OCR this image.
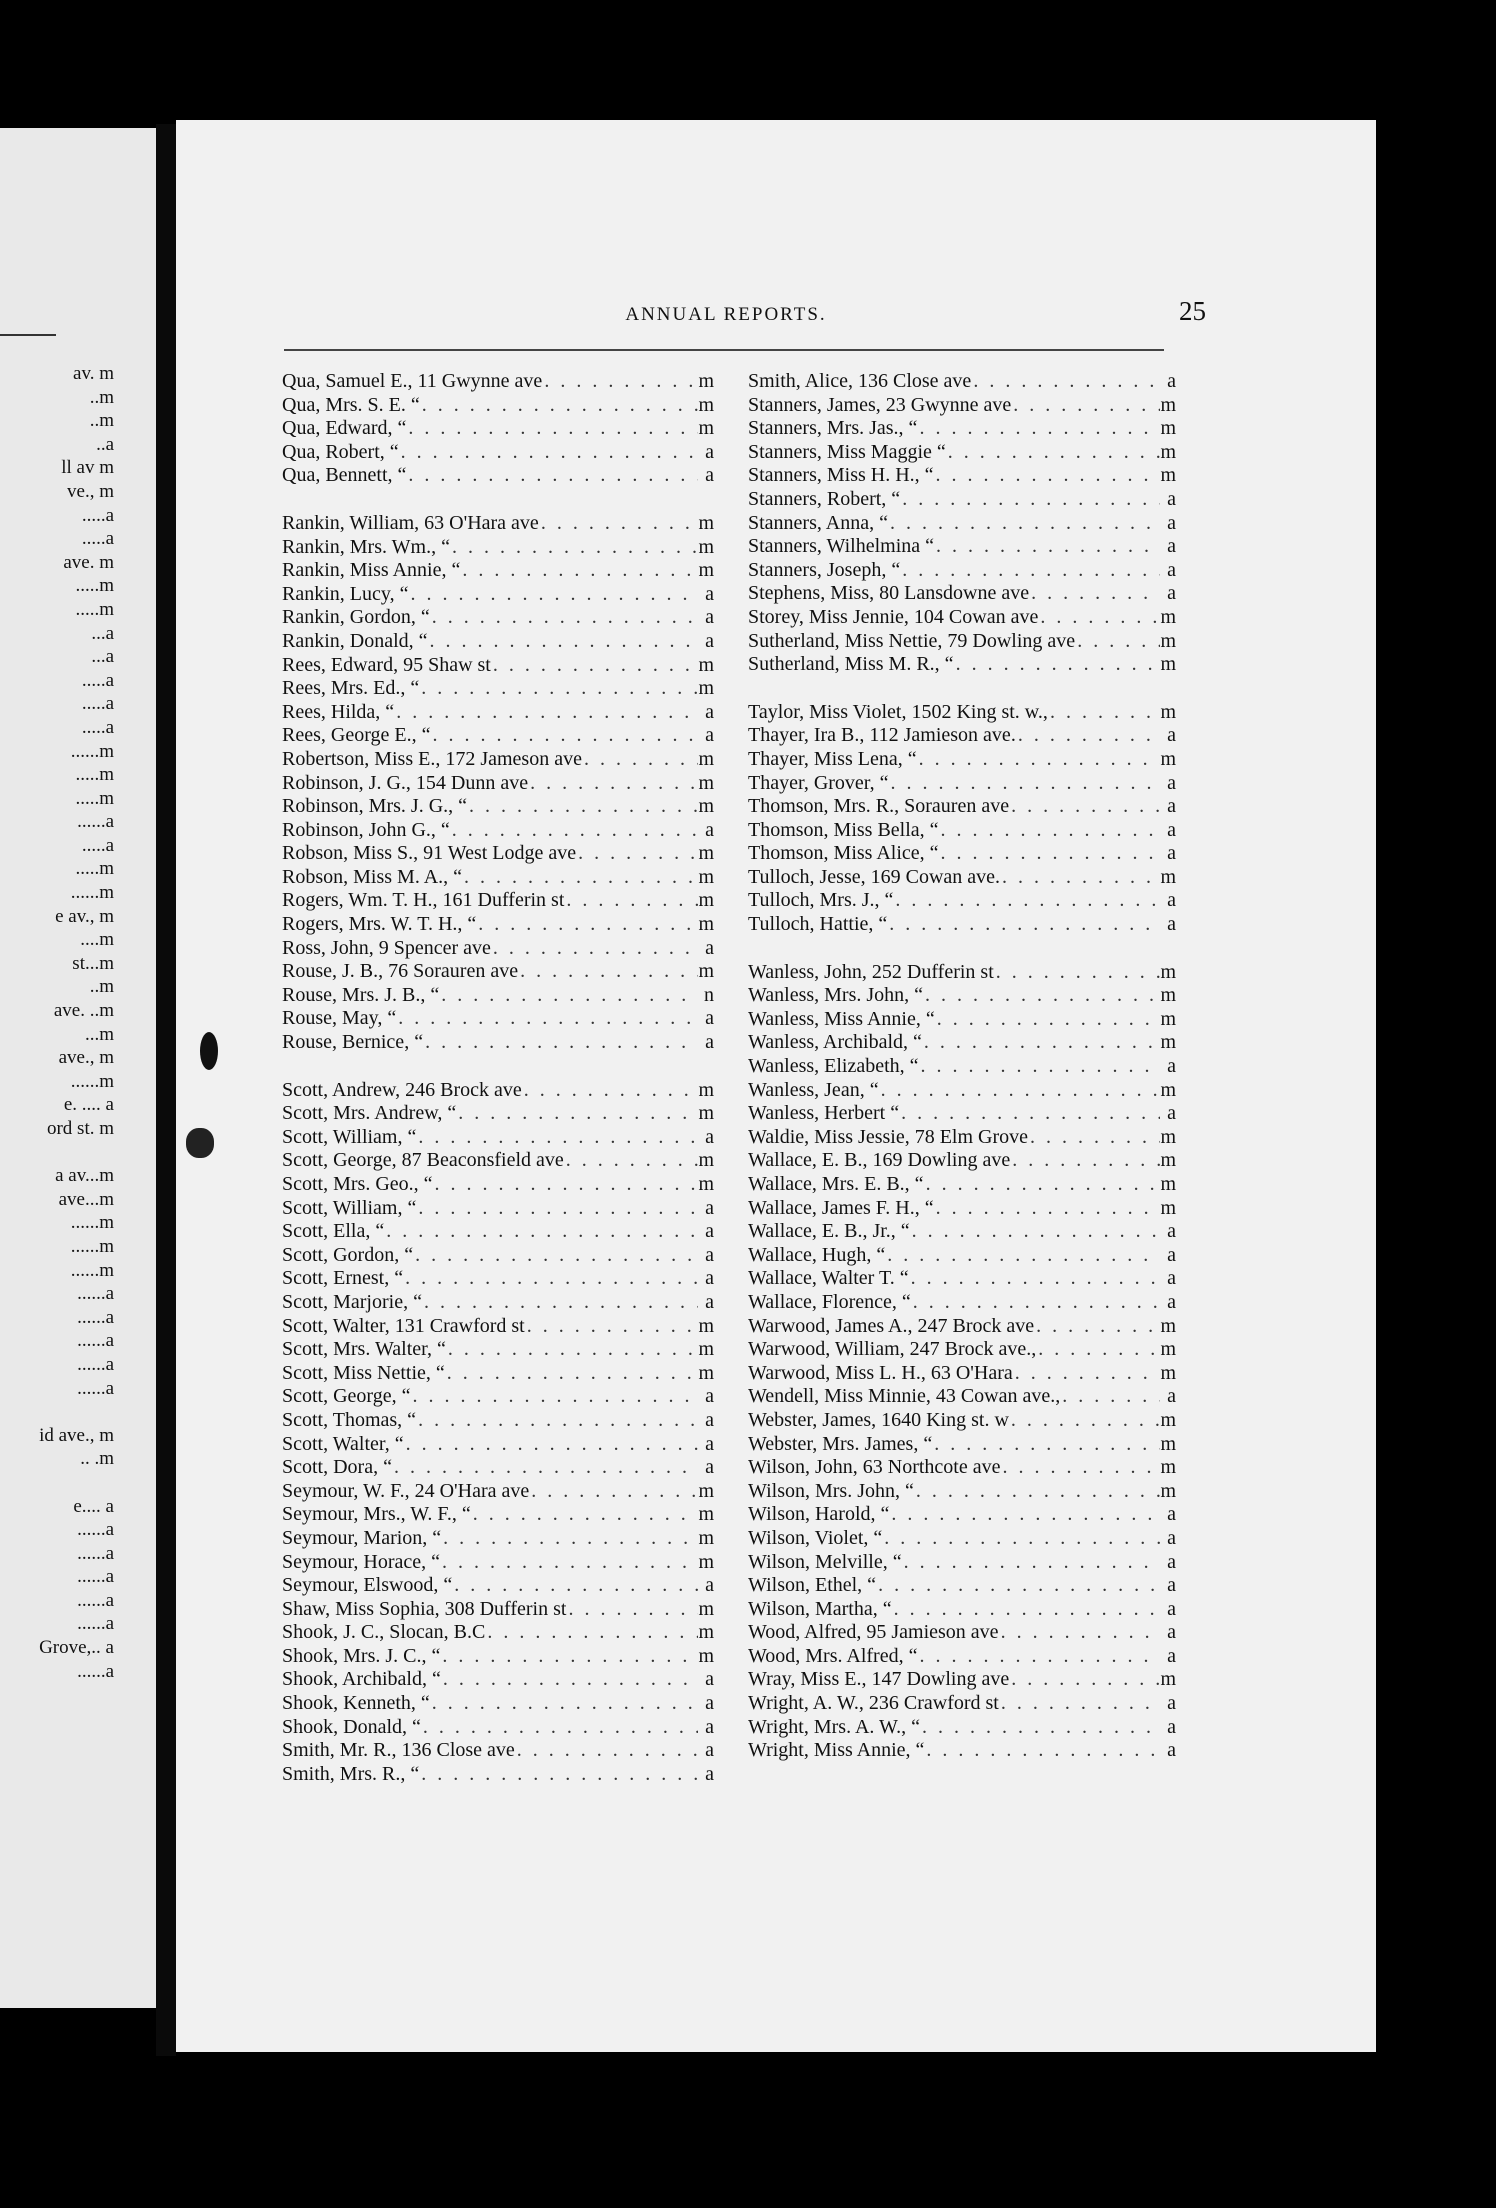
av. m
..m
..m
..a
ll av m
ve., m
.....a
.....a
ave. m
.....m
.....m
...a
...a
.....a
.....a
.....a
......m
.....m
.....m
......a
.....a
.....m
......m
e av., m
....m
st...m
..m
ave. ..m
...m
ave., m
......m
e. .... a
ord st. m
a av...m
ave...m
......m
......m
......m
......a
......a
......a
......a
......a
id ave., m
.. .m
e.... a
......a
......a
......a
......a
......a
Grove,.. a
......a
ANNUAL REPORTS.	25
Qua, Samuel E., 11 Gwynne ave . . .	m
Qua, Mrs. S. E. “ . . .	m
Qua, Edward, “ . . .	m
Qua, Robert, “ . . .	a
Qua, Bennett, “ . . .	a
Rankin, William, 63 O'Hara ave . . .	m
Rankin, Mrs. Wm., “ . . .	m
Rankin, Miss Annie, “ . . .	m
Rankin, Lucy, “ . . .	a
Rankin, Gordon, “ . . .	a
Rankin, Donald, “ . . .	a
Rees, Edward, 95 Shaw st . . .	m
Rees, Mrs. Ed., “ . . .	m
Rees, Hilda, “ . . .	a
Rees, George E., “ . . .	a
Robertson, Miss E., 172 Jameson ave . . .	m
Robinson, J. G., 154 Dunn ave . . .	m
Robinson, Mrs. J. G., “ . . .	m
Robinson, John G., “ . . .	a
Robson, Miss S., 91 West Lodge ave . . .	m
Robson, Miss M. A., “ . . .	m
Rogers, Wm. T. H., 161 Dufferin st . . .	m
Rogers, Mrs. W. T. H., “ . . .	m
Ross, John, 9 Spencer ave . . .	a
Rouse, J. B., 76 Sorauren ave . . .	m
Rouse, Mrs. J. B., “ . . .	n
Rouse, May, “ . . .	a
Rouse, Bernice, “ . . .	a
Scott, Andrew, 246 Brock ave . . .	m
Scott, Mrs. Andrew, “ . . .	m
Scott, William, “ . . .	a
Scott, George, 87 Beaconsfield ave . . .	m
Scott, Mrs. Geo., “ . . .	m
Scott, William, “ . . .	a
Scott, Ella, “ . . .	a
Scott, Gordon, “ . . .	a
Scott, Ernest, “ . . .	a
Scott, Marjorie, “ . . .	a
Scott, Walter, 131 Crawford st . . .	m
Scott, Mrs. Walter, “ . . .	m
Scott, Miss Nettie, “ . . .	m
Scott, George, “ . . .	a
Scott, Thomas, “ . . .	a
Scott, Walter, “ . . .	a
Scott, Dora, “ . . .	a
Seymour, W. F., 24 O'Hara ave . . .	m
Seymour, Mrs., W. F., “ . . .	m
Seymour, Marion, “ . . .	m
Seymour, Horace, “ . . .	m
Seymour, Elswood, “ . . .	a
Shaw, Miss Sophia, 308 Dufferin st . . .	m
Shook, J. C., Slocan, B.C . . .	m
Shook, Mrs. J. C., “ . . .	m
Shook, Archibald, “ . . .	a
Shook, Kenneth, “ . . .	a
Shook, Donald, “ . . .	a
Smith, Mr. R., 136 Close ave . . .	a
Smith, Mrs. R., “ . . .	a
Smith, Alice, 136 Close ave . . .	a
Stanners, James, 23 Gwynne ave . . .	m
Stanners, Mrs. Jas., “ . . .	m
Stanners, Miss Maggie “ . . .	m
Stanners, Miss H. H., “ . . .	m
Stanners, Robert, “ . . .	a
Stanners, Anna, “ . . .	a
Stanners, Wilhelmina “ . . .	a
Stanners, Joseph, “ . . .	a
Stephens, Miss, 80 Lansdowne ave . . .	a
Storey, Miss Jennie, 104 Cowan ave . . .	m
Sutherland, Miss Nettie, 79 Dowling ave . . .	m
Sutherland, Miss M. R., “ . . .	m
Taylor, Miss Violet, 1502 King st. w., . . .	m
Thayer, Ira B., 112 Jamieson ave. . . .	a
Thayer, Miss Lena, “ . . .	m
Thayer, Grover, “ . . .	a
Thomson, Mrs. R., Sorauren ave . . .	a
Thomson, Miss Bella, “ . . .	a
Thomson, Miss Alice, “ . . .	a
Tulloch, Jesse, 169 Cowan ave. . . .	m
Tulloch, Mrs. J., “ . . .	a
Tulloch, Hattie, “ . . .	a
Wanless, John, 252 Dufferin st . . .	m
Wanless, Mrs. John, “ . . .	m
Wanless, Miss Annie, “ . . .	m
Wanless, Archibald, “ . . .	m
Wanless, Elizabeth, “ . . .	a
Wanless, Jean, “ . . .	m
Wanless, Herbert “ . . .	a
Waldie, Miss Jessie, 78 Elm Grove . . .	m
Wallace, E. B., 169 Dowling ave . . .	m
Wallace, Mrs. E. B., “ . . .	m
Wallace, James F. H., “ . . .	m
Wallace, E. B., Jr., “ . . .	a
Wallace, Hugh, “ . . .	a
Wallace, Walter T. “ . . .	a
Wallace, Florence, “ . . .	a
Warwood, James A., 247 Brock ave . . .	m
Warwood, William, 247 Brock ave., . . .	m
Warwood, Miss L. H., 63 O'Hara . . .	m
Wendell, Miss Minnie, 43 Cowan ave., . . .	a
Webster, James, 1640 King st. w . . .	m
Webster, Mrs. James, “ . . .	m
Wilson, John, 63 Northcote ave . . .	m
Wilson, Mrs. John, “ . . .	m
Wilson, Harold, “ . . .	a
Wilson, Violet, “ . . .	a
Wilson, Melville, “ . . .	a
Wilson, Ethel, “ . . .	a
Wilson, Martha, “ . . .	a
Wood, Alfred, 95 Jamieson ave . . .	a
Wood, Mrs. Alfred, “ . . .	a
Wray, Miss E., 147 Dowling ave . . .	m
Wright, A. W., 236 Crawford st . . .	a
Wright, Mrs. A. W., “ . . .	a
Wright, Miss Annie, “ . . .	a
